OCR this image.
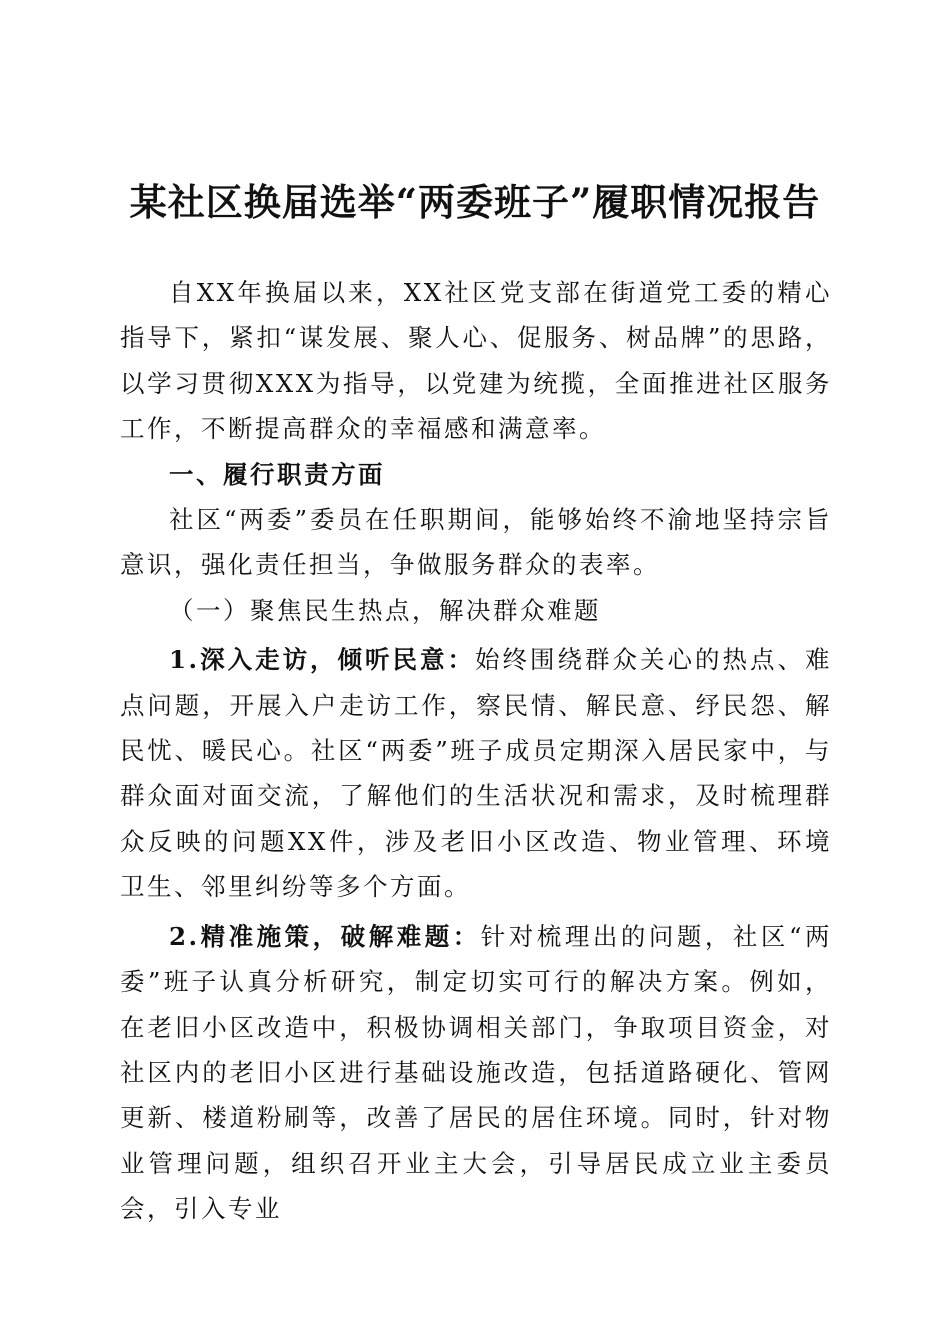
某社区换届选举“两委班子”履职情况报告

自XX年换届以来，XX社区党支部在街道党工委的精心指导下，紧扣“谋发展、聚人心、促服务、树品牌”的思路，以学习贯彻XXX为指导，以党建为统揽，全面推进社区服务工作，不断提高群众的幸福感和满意率。

一、履行职责方面

社区“两委”委员在任职期间，能够始终不渝地坚持宗旨意识，强化责任担当，争做服务群众的表率。

（一）聚焦民生热点，解决群众难题

1.深入走访，倾听民意：始终围绕群众关心的热点、难点问题，开展入户走访工作，察民情、解民意、纾民怨、解民忧、暖民心。社区“两委”班子成员定期深入居民家中，与群众面对面交流，了解他们的生活状况和需求，及时梳理群众反映的问题XX件，涉及老旧小区改造、物业管理、环境卫生、邻里纠纷等多个方面。

2.精准施策，破解难题：针对梳理出的问题，社区“两委”班子认真分析研究，制定切实可行的解决方案。例如，在老旧小区改造中，积极协调相关部门，争取项目资金，对社区内的老旧小区进行基础设施改造，包括道路硬化、管网更新、楼道粉刷等，改善了居民的居住环境。同时，针对物业管理问题，组织召开业主大会，引导居民成立业主委员会，引入专业
